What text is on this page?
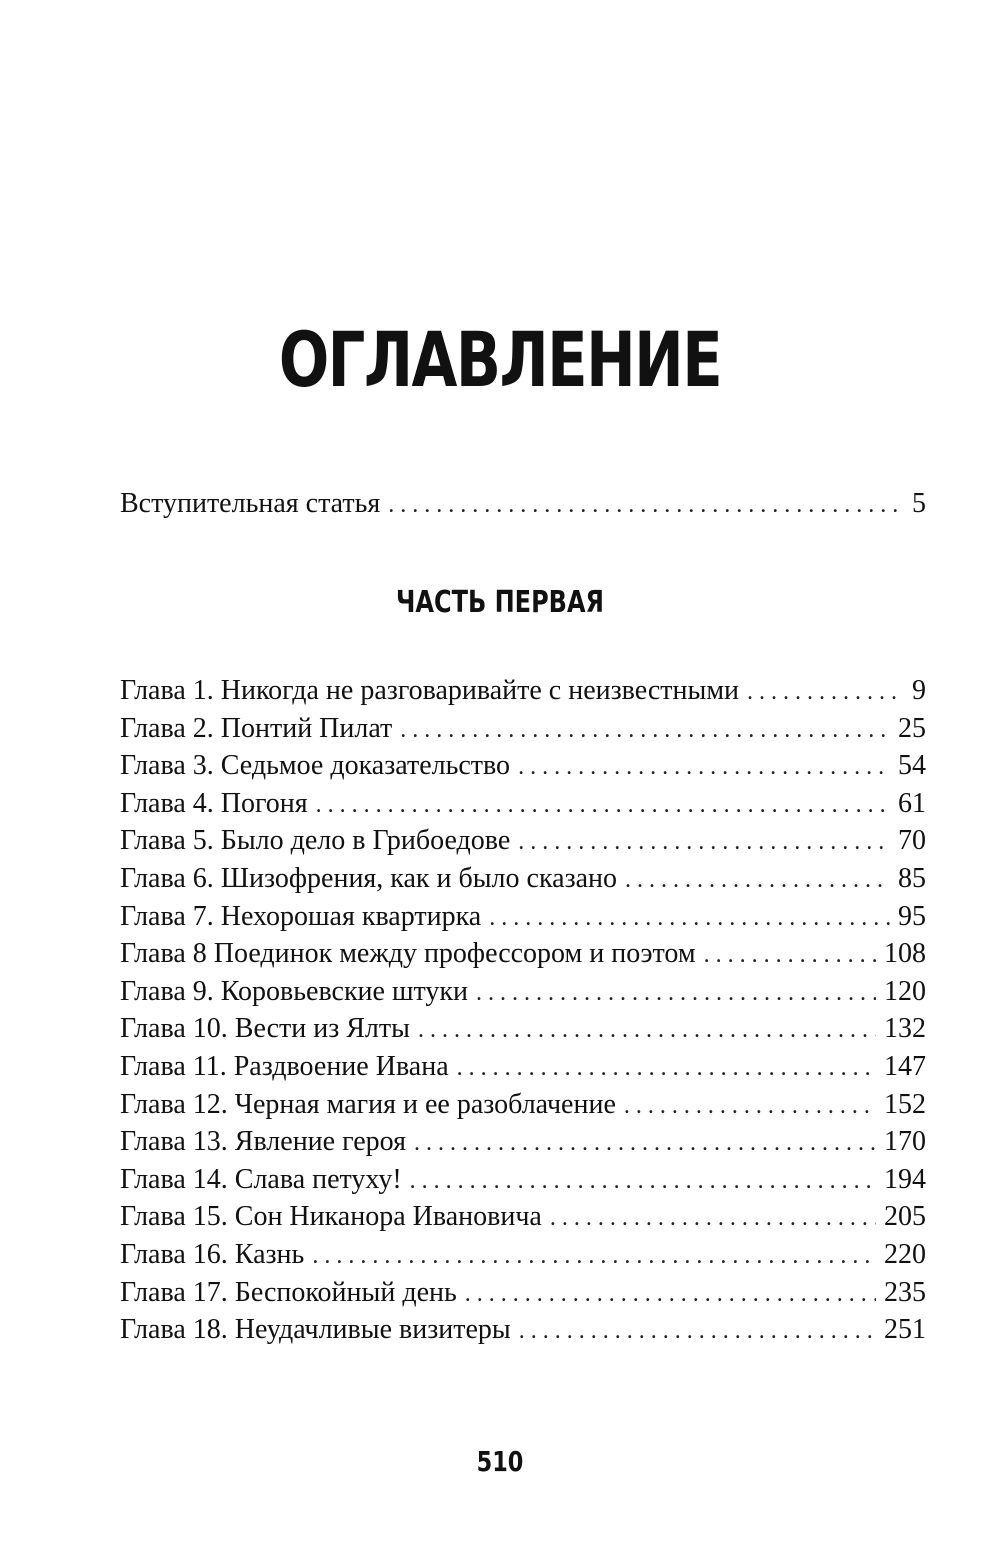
ОГЛАВЛЕНИЕ
Вступительная статья . . .	5
ЧАСТЬ ПЕРВАЯ
Глава 1. Никогда не разговаривайте с неизвестными . . .	9
Глава 2. Понтий Пилат . . .	25
Глава 3. Седьмое доказательство . . .	54
Глава 4. Погоня . . .	61
Глава 5. Было дело в Грибоедове . . .	70
Глава 6. Шизофрения, как и было сказано . . .	85
Глава 7. Нехорошая квартирка . . .	95
Глава 8 Поединок между профессором и поэтом . . .	108
Глава 9. Коровьевские штуки . . .	120
Глава 10. Вести из Ялты . . .	132
Глава 11. Раздвоение Ивана . . .	147
Глава 12. Черная магия и ее разоблачение . . .	152
Глава 13. Явление героя . . .	170
Глава 14. Слава петуху! . . .	194
Глава 15. Сон Никанора Ивановича . . .	205
Глава 16. Казнь . . .	220
Глава 17. Беспокойный день . . .	235
Глава 18. Неудачливые визитеры . . .	251
510
